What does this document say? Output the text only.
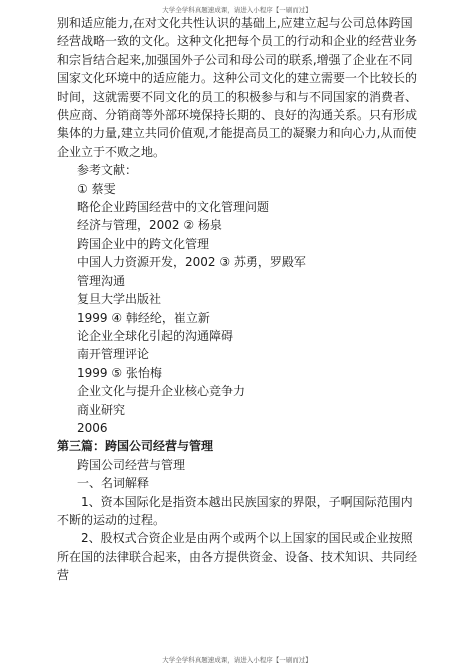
大学全学科真题速成课，请进入小程序【一刷而过】

别和适应能力,在对文化共性认识的基础上,应建立起与公司总体跨国经营战略一致的文化。这种文化把每个员工的行动和企业的经营业务和宗旨结合起来,加强国外子公司和母公司的联系,增强了企业在不同国家文化环境中的适应能力。这种公司文化的建立需要一个比较长的时间，这就需要不同文化的员工的积极参与和与不同国家的消费者、供应商、分销商等外部环境保持长期的、良好的沟通关系。只有形成集体的力量,建立共同价值观,才能提高员工的凝聚力和向心力,从而使企业立于不败之地。

参考文献：

① 蔡雯

略伦企业跨国经营中的文化管理问题

经济与管理，2002 ② 杨泉

跨国企业中的跨文化管理

中国人力资源开发，2002 ③ 苏勇，罗殿军

管理沟通

复旦大学出版社

1999 ④ 韩经纶，崔立新

论企业全球化引起的沟通障碍

南开管理评论

1999 ⑤ 张怡梅

企业文化与提升企业核心竞争力

商业研究

2006

第三篇：跨国公司经营与管理

跨国公司经营与管理

一、名词解释

1、资本国际化是指资本越出民族国家的界限，子啊国际范围内不断的运动的过程。

2、股权式合资企业是由两个或两个以上国家的国民或企业按照所在国的法律联合起来，由各方提供资金、设备、技术知识、共同经营

大学全学科真题速成课，请进入小程序【一刷而过】
